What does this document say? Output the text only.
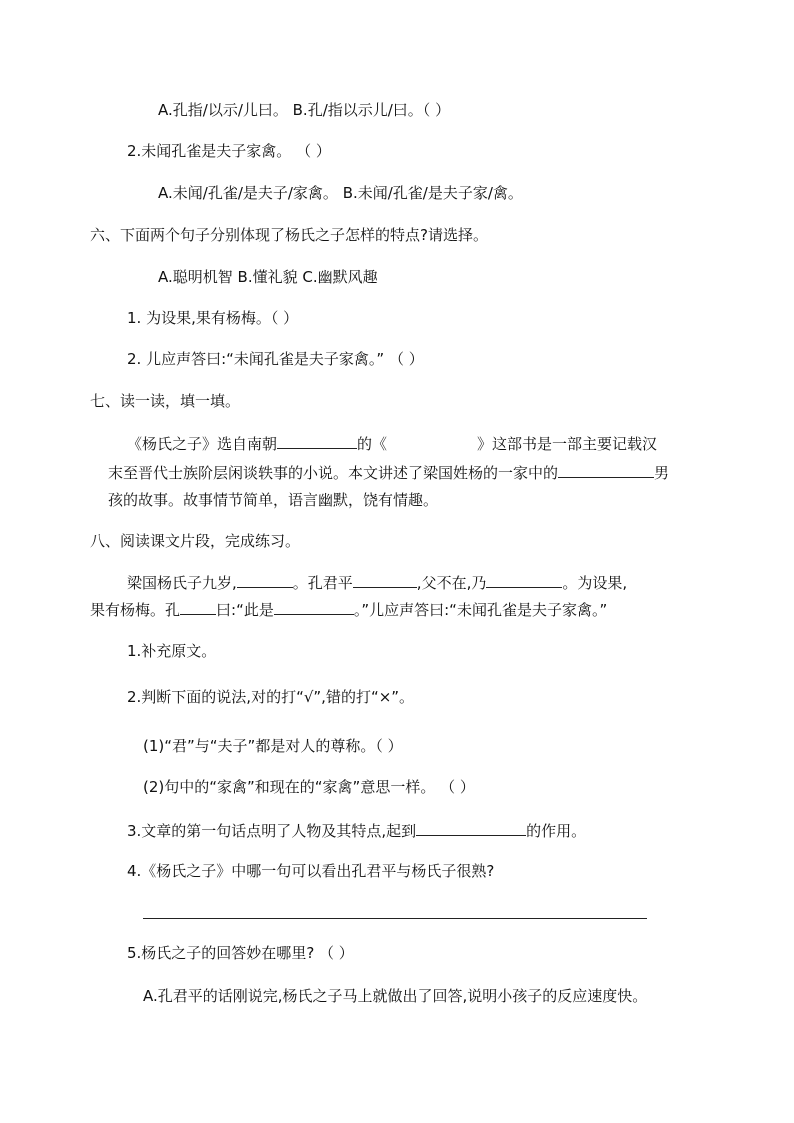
A.孔指/以示/儿曰。 B.孔/指以示儿/曰。（ ）
2.未闻孔雀是夫子家禽。 （ ）
A.未闻/孔雀/是夫子/家禽。 B.未闻/孔雀/是夫子家/禽。
六、下面两个句子分别体现了杨氏之子怎样的特点?请选择。
A.聪明机智 B.懂礼貌 C.幽默风趣
1. 为设果,果有杨梅。（ ）
2. 儿应声答曰:“未闻孔雀是夫子家禽。” （ ）
七、读一读，填一填。
《杨氏之子》选自南朝	的《	》这部书是一部主要记载汉
末至晋代士族阶层闲谈轶事的小说。本文讲述了梁国姓杨的一家中的	男
孩的故事。故事情节简单，语言幽默，饶有情趣。
八、阅读课文片段，完成练习。
梁国杨氏子九岁,	。孔君平	,父不在,乃	。为设果,
果有杨梅。孔 曰:“此是	。”儿应声答曰:“未闻孔雀是夫子家禽。”
1.补充原文。
2.判断下面的说法,对的打“√”,错的打“×”。
(1)“君”与“夫子”都是对人的尊称。（ ）
(2)句中的“家禽”和现在的“家禽”意思一样。 （ ）
3.文章的第一句话点明了人物及其特点,起到	的作用。
4.《杨氏之子》中哪一句可以看出孔君平与杨氏子很熟?
5.杨氏之子的回答妙在哪里? （ ）
A.孔君平的话刚说完,杨氏之子马上就做出了回答,说明小孩子的反应速度快。
